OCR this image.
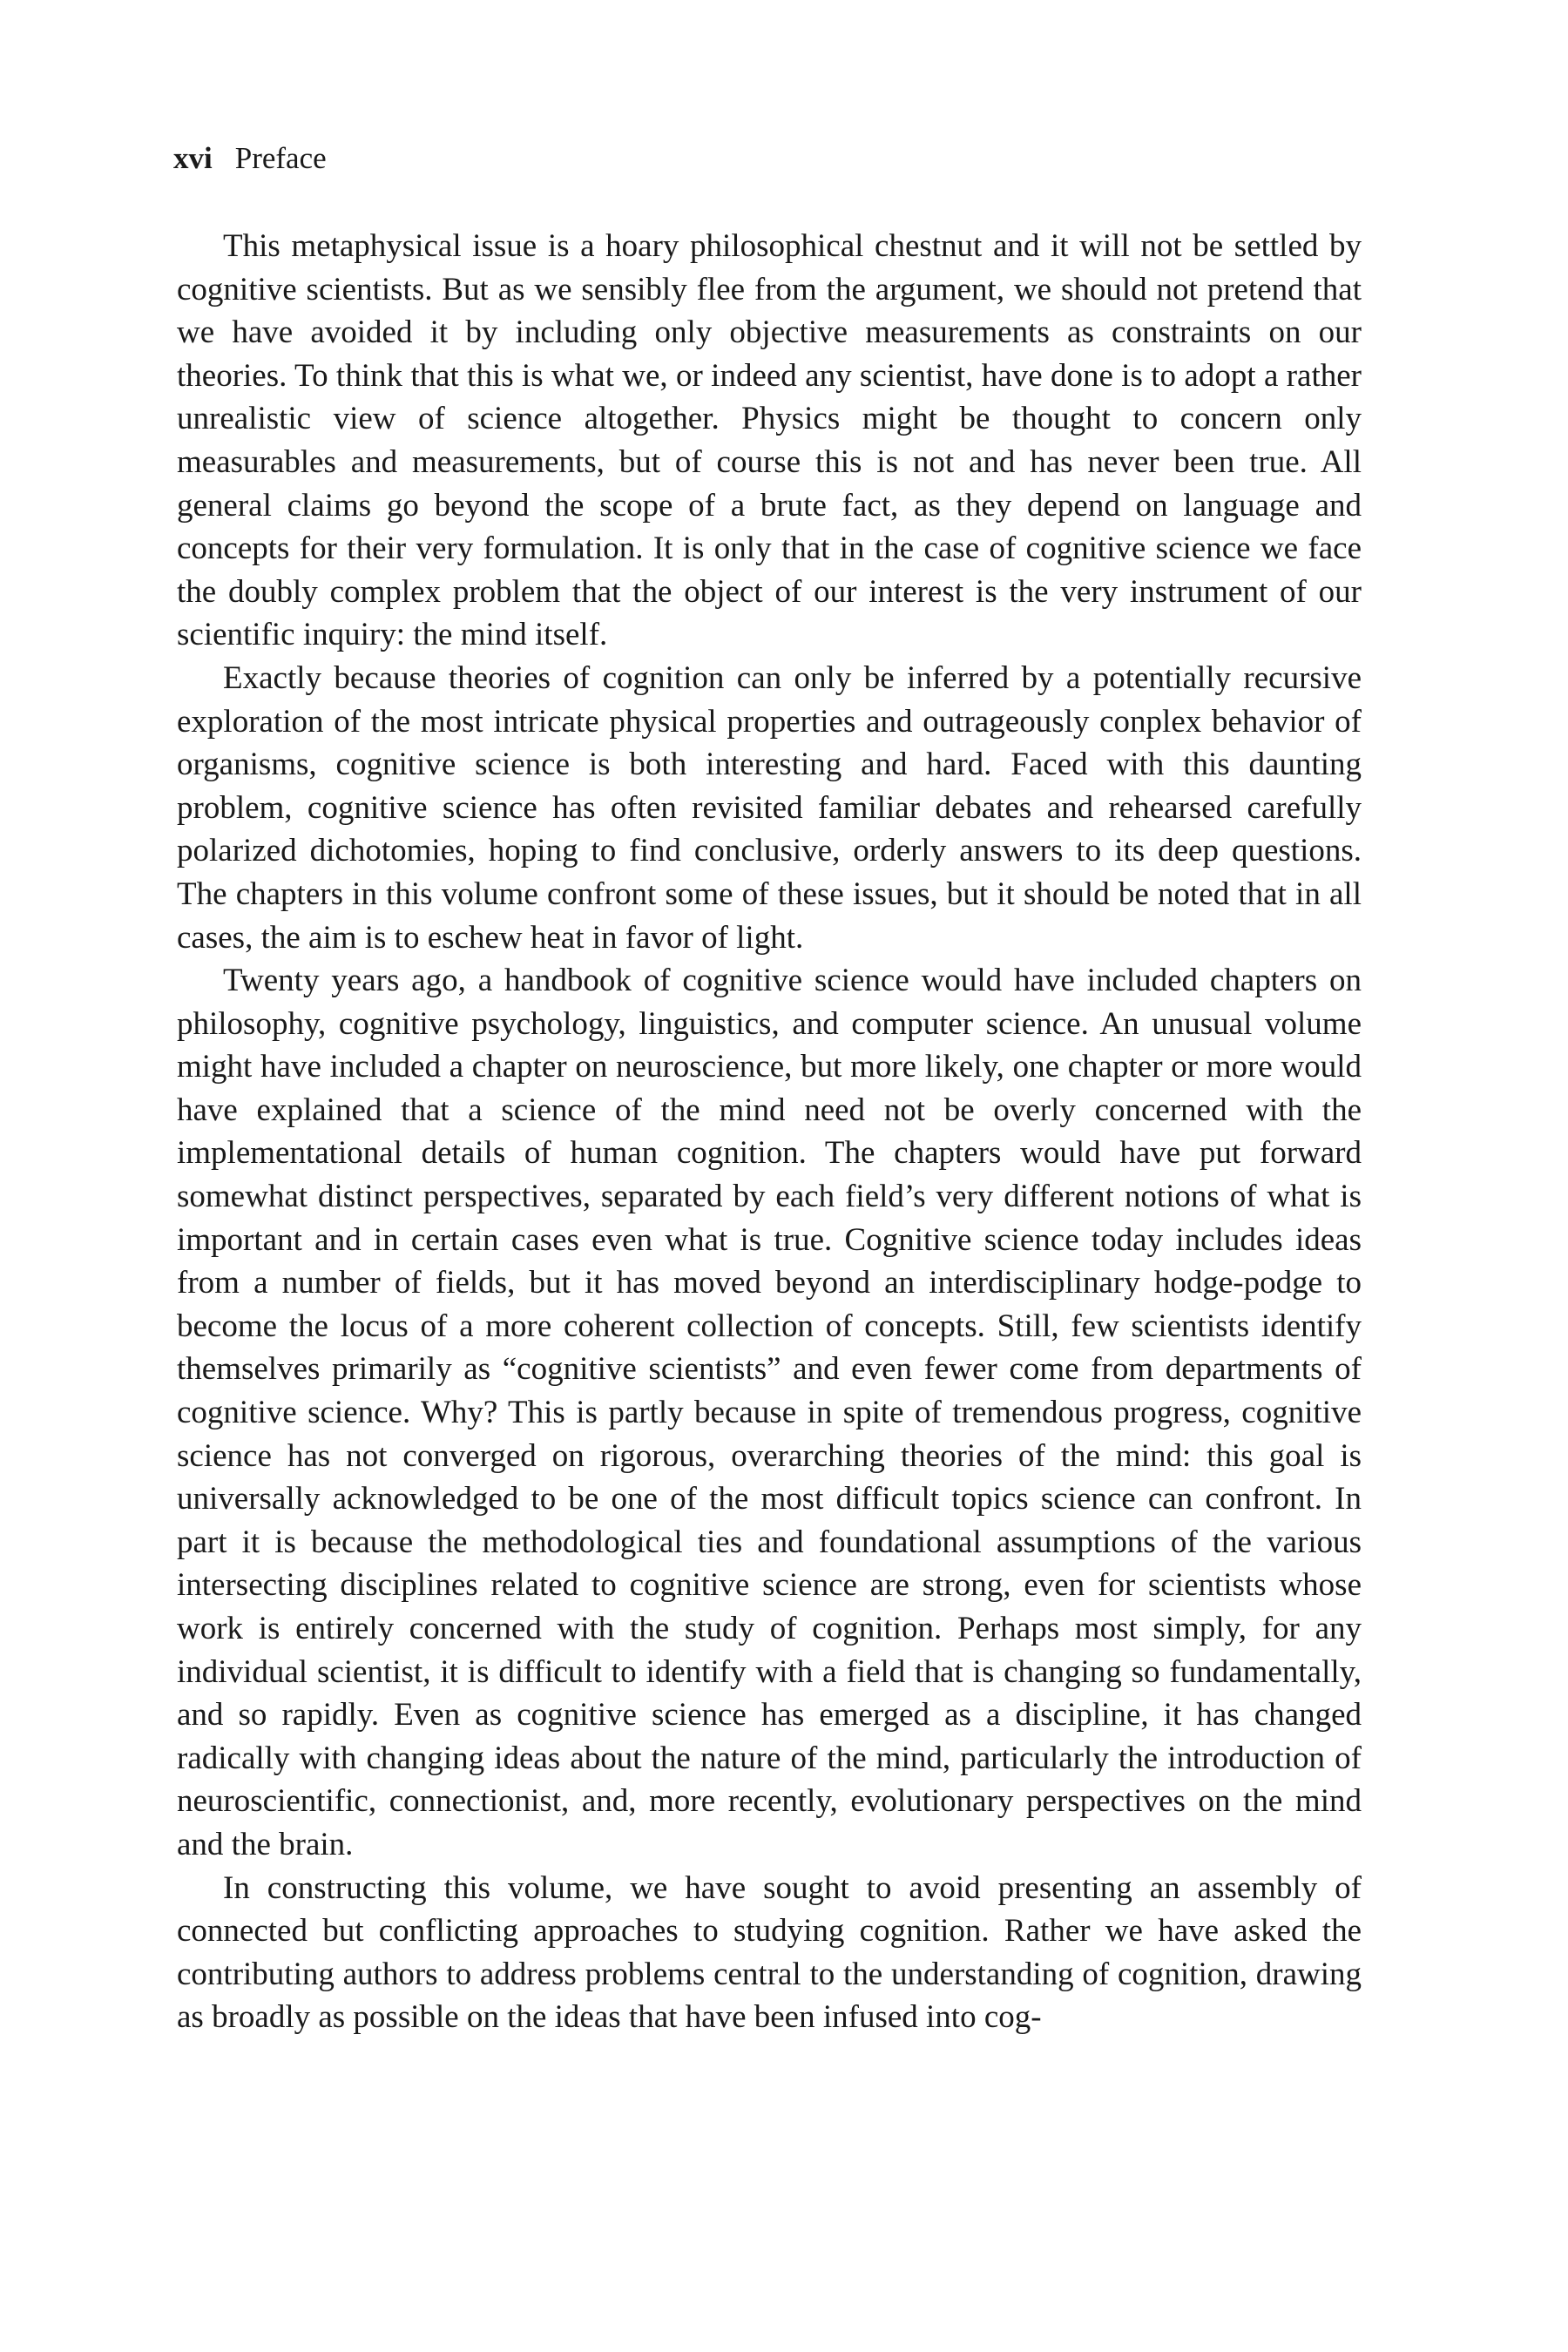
xvi Preface

This metaphysical issue is a hoary philosophical chestnut and it will not be settled by cognitive scientists. But as we sensibly flee from the argument, we should not pretend that we have avoided it by including only objective measurements as constraints on our theories. To think that this is what we, or indeed any scientist, have done is to adopt a rather unrealistic view of science altogether. Physics might be thought to concern only measurables and measurements, but of course this is not and has never been true. All general claims go beyond the scope of a brute fact, as they depend on language and concepts for their very formulation. It is only that in the case of cognitive science we face the doubly complex problem that the object of our interest is the very instrument of our scientific inquiry: the mind itself.

Exactly because theories of cognition can only be inferred by a potentially recursive exploration of the most intricate physical properties and outrageously conplex behavior of organisms, cognitive science is both interesting and hard. Faced with this daunting problem, cognitive science has often revisited familiar debates and rehearsed carefully polarized dichotomies, hoping to find conclusive, orderly answers to its deep questions. The chapters in this volume confront some of these issues, but it should be noted that in all cases, the aim is to eschew heat in favor of light.

Twenty years ago, a handbook of cognitive science would have included chapters on philosophy, cognitive psychology, linguistics, and computer science. An unusual volume might have included a chapter on neuroscience, but more likely, one chapter or more would have explained that a science of the mind need not be overly concerned with the implementational details of human cognition. The chapters would have put forward somewhat distinct perspectives, separated by each field’s very different notions of what is important and in certain cases even what is true. Cognitive science today includes ideas from a number of fields, but it has moved beyond an interdisciplinary hodge-podge to become the locus of a more coherent collection of concepts. Still, few scientists identify themselves primarily as “cognitive scientists” and even fewer come from departments of cognitive science. Why? This is partly because in spite of tremendous progress, cognitive science has not converged on rigorous, overarching theories of the mind: this goal is universally acknowledged to be one of the most difficult topics science can confront. In part it is because the methodological ties and foundational assumptions of the various intersecting disciplines related to cognitive science are strong, even for scientists whose work is entirely concerned with the study of cognition. Perhaps most simply, for any individual scientist, it is difficult to identify with a field that is changing so fundamentally, and so rapidly. Even as cognitive science has emerged as a discipline, it has changed radically with changing ideas about the nature of the mind, particularly the introduction of neuroscientific, connectionist, and, more recently, evolutionary perspectives on the mind and the brain.

In constructing this volume, we have sought to avoid presenting an assembly of connected but conflicting approaches to studying cognition. Rather we have asked the contributing authors to address problems central to the understanding of cognition, drawing as broadly as possible on the ideas that have been infused into cog-
